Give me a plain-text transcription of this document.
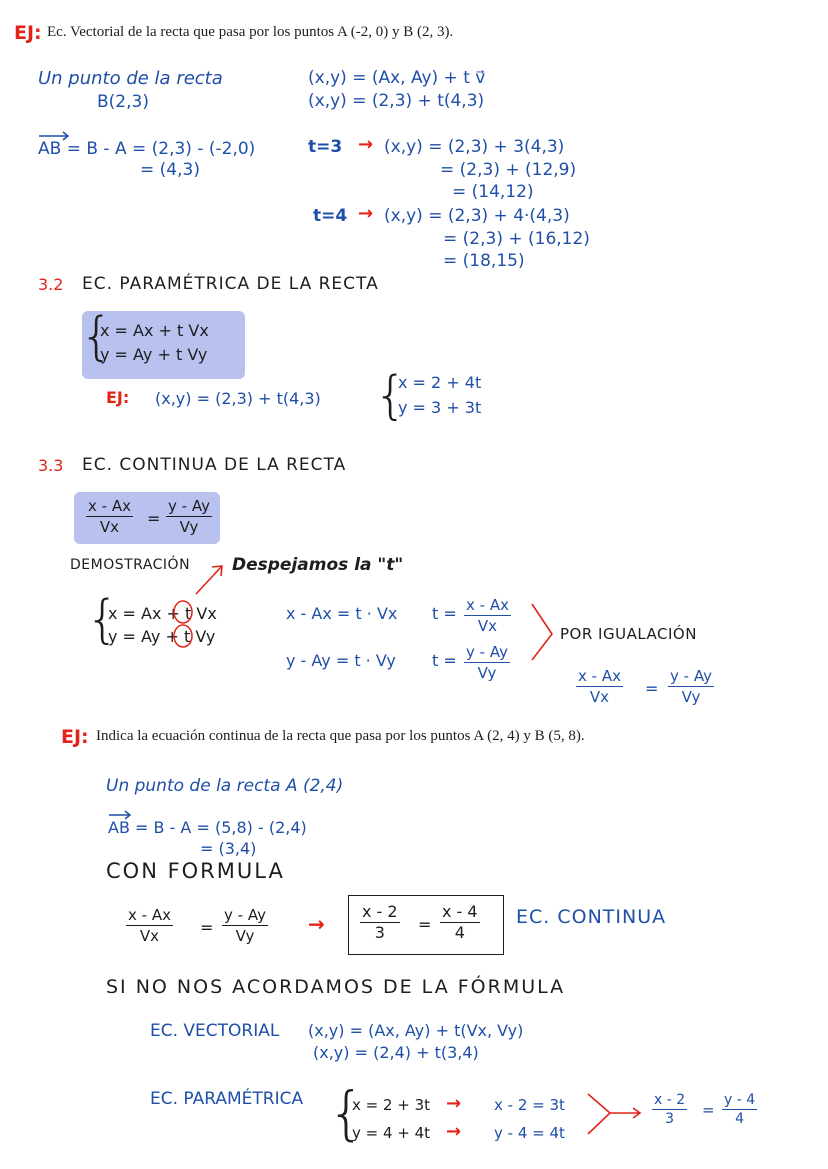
EJ: Ec. Vectorial de la recta que pasa por los puntos A (-2, 0) y B (2, 3).
Un punto de la recta
B(2,3)
(x,y) = (Ax, Ay) + t v⃗
(x,y) = (2,3) + t(4,3)
AB = B - A = (2,3) - (-2,0)
= (4,3)
t=3 → (x,y) = (2,3) + 3(4,3)
= (2,3) + (12,9)
= (14,12)
t=4 → (x,y) = (2,3) + 4·(4,3)
= (2,3) + (16,12)
= (18,15)
3.2 EC. PARAMÉTRICA DE LA RECTA
{
x = Ax + t Vx
y = Ay + t Vy
EJ: (x,y) = (2,3) + t(4,3) {
x = 2 + 4t
y = 3 + 3t
3.3 EC. CONTINUA DE LA RECTA
$\frac{x - Ax}{Vx} = \frac{y - Ay}{Vy}$
DEMOSTRACIÓN Despejamos la "t"
{
x = Ax + t Vx
y = Ay + t Vy
x - Ax = t · Vx
y - Ay = t · Vy
$t = \frac{x - Ax}{Vx}$
$t = \frac{y - Ay}{Vy}$
POR IGUALACIÓN
$\frac{x - Ax}{Vx} = \frac{y - Ay}{Vy}$
EJ: Indica la ecuación continua de la recta que pasa por los puntos A (2, 4) y B (5, 8).
Un punto de la recta A (2,4)
AB = B - A = (5,8) - (2,4)
= (3,4)
CON FORMULA
$\frac{x - Ax}{Vx} = \frac{y - Ay}{Vy} \to \frac{x - 2}{3} = \frac{x - 4}{4}$ EC. CONTINUA
SI NO NOS ACORDAMOS DE LA FÓRMULA
EC. VECTORIAL (x,y) = (Ax, Ay) + t(Vx, Vy)
(x,y) = (2,4) + t(3,4)
EC. PARAMÉTRICA {
x = 2 + 3t
y = 4 + 4t
→
→
x - 2 = 3t
y - 4 = 4t
$\frac{x - 2}{3} = \frac{y - 4}{4}$
